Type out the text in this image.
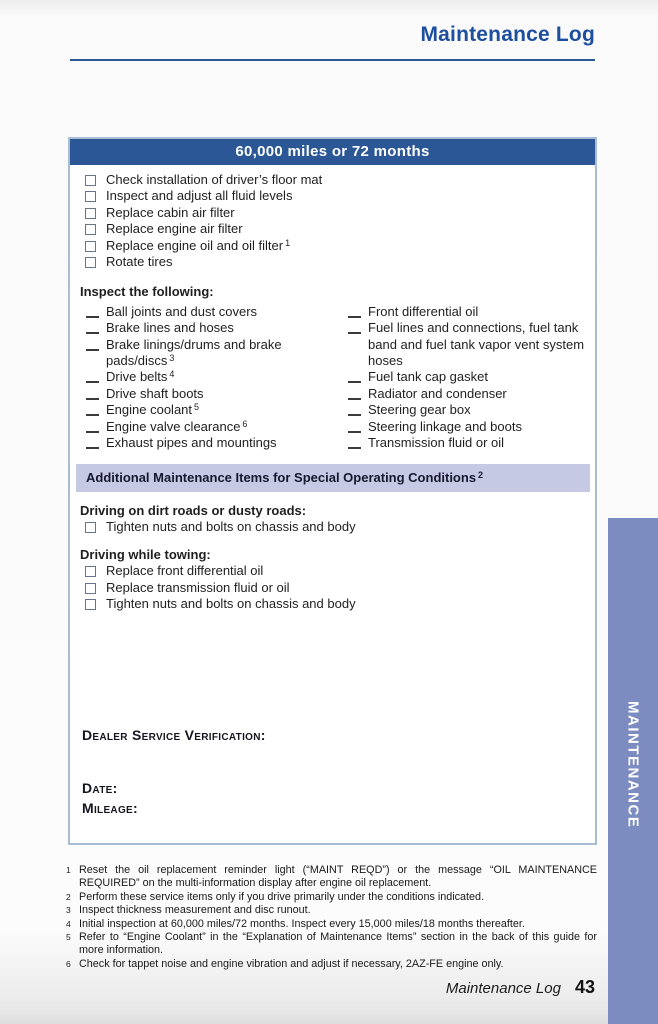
Maintenance Log
60,000 miles or 72 months
Check installation of driver’s floor mat
Inspect and adjust all fluid levels
Replace cabin air filter
Replace engine air filter
Replace engine oil and oil filter $^1$
Rotate tires
Inspect the following:
Ball joints and dust covers
Brake lines and hoses
Brake linings/drums and brake pads/discs $^3$
Drive belts $^4$
Drive shaft boots
Engine coolant $^5$
Engine valve clearance $^6$
Exhaust pipes and mountings
Front differential oil
Fuel lines and connections, fuel tank band and fuel tank vapor vent system hoses
Fuel tank cap gasket
Radiator and condenser
Steering gear box
Steering linkage and boots
Transmission fluid or oil
Additional Maintenance Items for Special Operating Conditions $^2$
Driving on dirt roads or dusty roads:
Tighten nuts and bolts on chassis and body
Driving while towing:
Replace front differential oil
Replace transmission fluid or oil
Tighten nuts and bolts on chassis and body
Dealer Service Verification:
Date:
Mileage:
1 Reset the oil replacement reminder light (“MAINT REQD”) or the message “OIL MAINTENANCE REQUIRED” on the multi-information display after engine oil replacement.
2 Perform these service items only if you drive primarily under the conditions indicated.
3 Inspect thickness measurement and disc runout.
4 Initial inspection at 60,000 miles/72 months. Inspect every 15,000 miles/18 months thereafter.
5 Refer to “Engine Coolant” in the “Explanation of Maintenance Items” section in the back of this guide for more information.
6 Check for tappet noise and engine vibration and adjust if necessary, 2AZ-FE engine only.
Maintenance Log 43
MAINTENANCE
